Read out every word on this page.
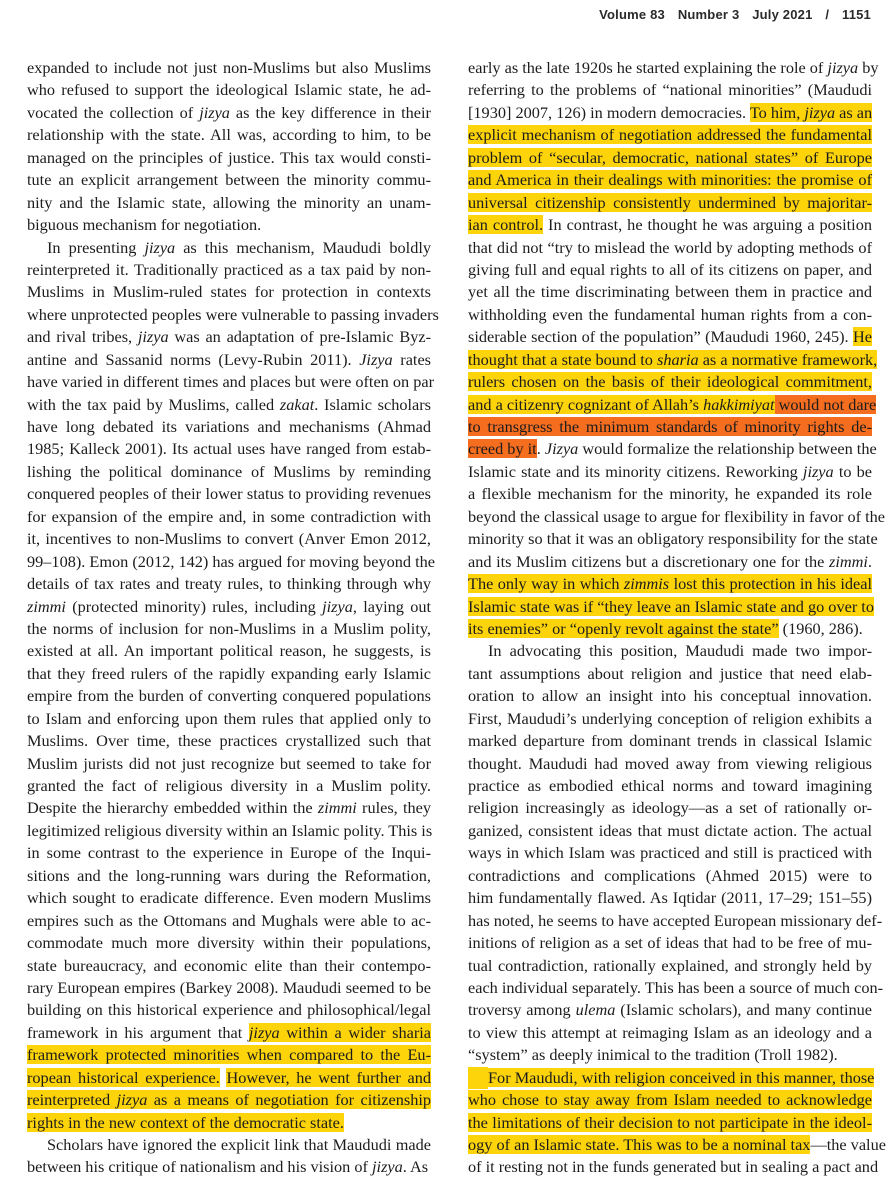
Volume 83 Number 3 July 2021 / 1151
expanded to include not just non-Muslims but also Muslims
who refused to support the ideological Islamic state, he ad-
vocated the collection of jizya as the key difference in their
relationship with the state. All was, according to him, to be
managed on the principles of justice. This tax would consti-
tute an explicit arrangement between the minority commu-
nity and the Islamic state, allowing the minority an unam-
biguous mechanism for negotiation.
In presenting jizya as this mechanism, Maududi boldly
reinterpreted it. Traditionally practiced as a tax paid by non-
Muslims in Muslim-ruled states for protection in contexts
where unprotected peoples were vulnerable to passing invaders
and rival tribes, jizya was an adaptation of pre-Islamic Byz-
antine and Sassanid norms (Levy-Rubin 2011). Jizya rates
have varied in different times and places but were often on par
with the tax paid by Muslims, called zakat. Islamic scholars
have long debated its variations and mechanisms (Ahmad
1985; Kalleck 2001). Its actual uses have ranged from estab-
lishing the political dominance of Muslims by reminding
conquered peoples of their lower status to providing revenues
for expansion of the empire and, in some contradiction with
it, incentives to non-Muslims to convert (Anver Emon 2012,
99–108). Emon (2012, 142) has argued for moving beyond the
details of tax rates and treaty rules, to thinking through why
zimmi (protected minority) rules, including jizya, laying out
the norms of inclusion for non-Muslims in a Muslim polity,
existed at all. An important political reason, he suggests, is
that they freed rulers of the rapidly expanding early Islamic
empire from the burden of converting conquered populations
to Islam and enforcing upon them rules that applied only to
Muslims. Over time, these practices crystallized such that
Muslim jurists did not just recognize but seemed to take for
granted the fact of religious diversity in a Muslim polity.
Despite the hierarchy embedded within the zimmi rules, they
legitimized religious diversity within an Islamic polity. This is
in some contrast to the experience in Europe of the Inqui-
sitions and the long-running wars during the Reformation,
which sought to eradicate difference. Even modern Muslims
empires such as the Ottomans and Mughals were able to ac-
commodate much more diversity within their populations,
state bureaucracy, and economic elite than their contempo-
rary European empires (Barkey 2008). Maududi seemed to be
building on this historical experience and philosophical/legal
framework in his argument that jizya within a wider sharia
framework protected minorities when compared to the Eu-
ropean historical experience. However, he went further and
reinterpreted jizya as a means of negotiation for citizenship
rights in the new context of the democratic state.
Scholars have ignored the explicit link that Maududi made
between his critique of nationalism and his vision of jizya. As
early as the late 1920s he started explaining the role of jizya by
referring to the problems of “national minorities” (Maududi
[1930] 2007, 126) in modern democracies. To him, jizya as an
explicit mechanism of negotiation addressed the fundamental
problem of “secular, democratic, national states” of Europe
and America in their dealings with minorities: the promise of
universal citizenship consistently undermined by majoritar-
ian control. In contrast, he thought he was arguing a position
that did not “try to mislead the world by adopting methods of
giving full and equal rights to all of its citizens on paper, and
yet all the time discriminating between them in practice and
withholding even the fundamental human rights from a con-
siderable section of the population” (Maududi 1960, 245). He
thought that a state bound to sharia as a normative framework,
rulers chosen on the basis of their ideological commitment,
and a citizenry cognizant of Allah’s hakkimiyat would not dare
to transgress the minimum standards of minority rights de-
creed by it. Jizya would formalize the relationship between the
Islamic state and its minority citizens. Reworking jizya to be
a flexible mechanism for the minority, he expanded its role
beyond the classical usage to argue for flexibility in favor of the
minority so that it was an obligatory responsibility for the state
and its Muslim citizens but a discretionary one for the zimmi.
The only way in which zimmis lost this protection in his ideal
Islamic state was if “they leave an Islamic state and go over to
its enemies” or “openly revolt against the state” (1960, 286).
In advocating this position, Maududi made two impor-
tant assumptions about religion and justice that need elab-
oration to allow an insight into his conceptual innovation.
First, Maududi’s underlying conception of religion exhibits a
marked departure from dominant trends in classical Islamic
thought. Maududi had moved away from viewing religious
practice as embodied ethical norms and toward imagining
religion increasingly as ideology—as a set of rationally or-
ganized, consistent ideas that must dictate action. The actual
ways in which Islam was practiced and still is practiced with
contradictions and complications (Ahmed 2015) were to
him fundamentally flawed. As Iqtidar (2011, 17–29; 151–55)
has noted, he seems to have accepted European missionary def-
initions of religion as a set of ideas that had to be free of mu-
tual contradiction, rationally explained, and strongly held by
each individual separately. This has been a source of much con-
troversy among ulema (Islamic scholars), and many continue
to view this attempt at reimaging Islam as an ideology and a
“system” as deeply inimical to the tradition (Troll 1982).
For Maududi, with religion conceived in this manner, those
who chose to stay away from Islam needed to acknowledge
the limitations of their decision to not participate in the ideol-
ogy of an Islamic state. This was to be a nominal tax—the value
of it resting not in the funds generated but in sealing a pact and
